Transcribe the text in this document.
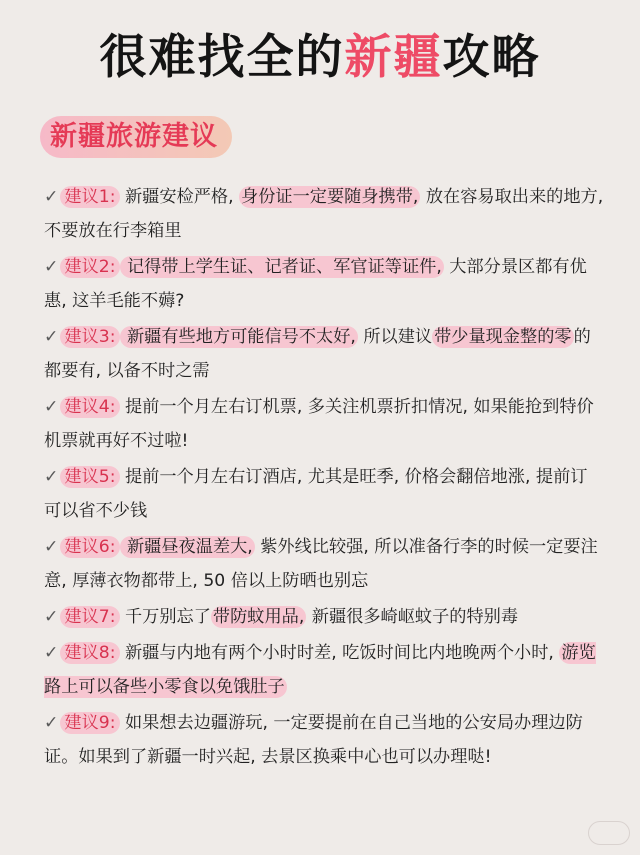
很难找全的新疆攻略
新疆旅游建议
✓ 建议1: 新疆安检严格, 身份证一定要随身携带, 放在容易取出来的地方, 不要放在行李箱里
✓ 建议2: 记得带上学生证、记者证、军官证等证件, 大部分景区都有优惠, 这羊毛能不薅?
✓ 建议3: 新疆有些地方可能信号不太好, 所以建议 带少量现金整的零 的都要有, 以备不时之需
✓ 建议4: 提前一个月左右订机票, 多关注机票折扣情况, 如果能抢到特价机票就再好不过啦!
✓ 建议5: 提前一个月左右订酒店, 尤其是旺季, 价格会翻倍地涨, 提前订可以省不少钱
✓ 建议6: 新疆昼夜温差大, 紫外线比较强, 所以准备行李的时候一定要注意, 厚薄衣物都带上, 50 倍以上防晒也别忘
✓ 建议7: 千万别忘了 带防蚊用品, 新疆很多崎岖蚊子的特别毒
✓ 建议8: 新疆与内地有两个小时时差, 吃饭时间比内地晚两个小时, 游览路上可以备些小零食以免饿肚子
✓ 建议9: 如果想去边疆游玩, 一定要提前在自己当地的公安局办理边防证。如果到了新疆一时兴起, 去景区换乘中心也可以办理哒!
